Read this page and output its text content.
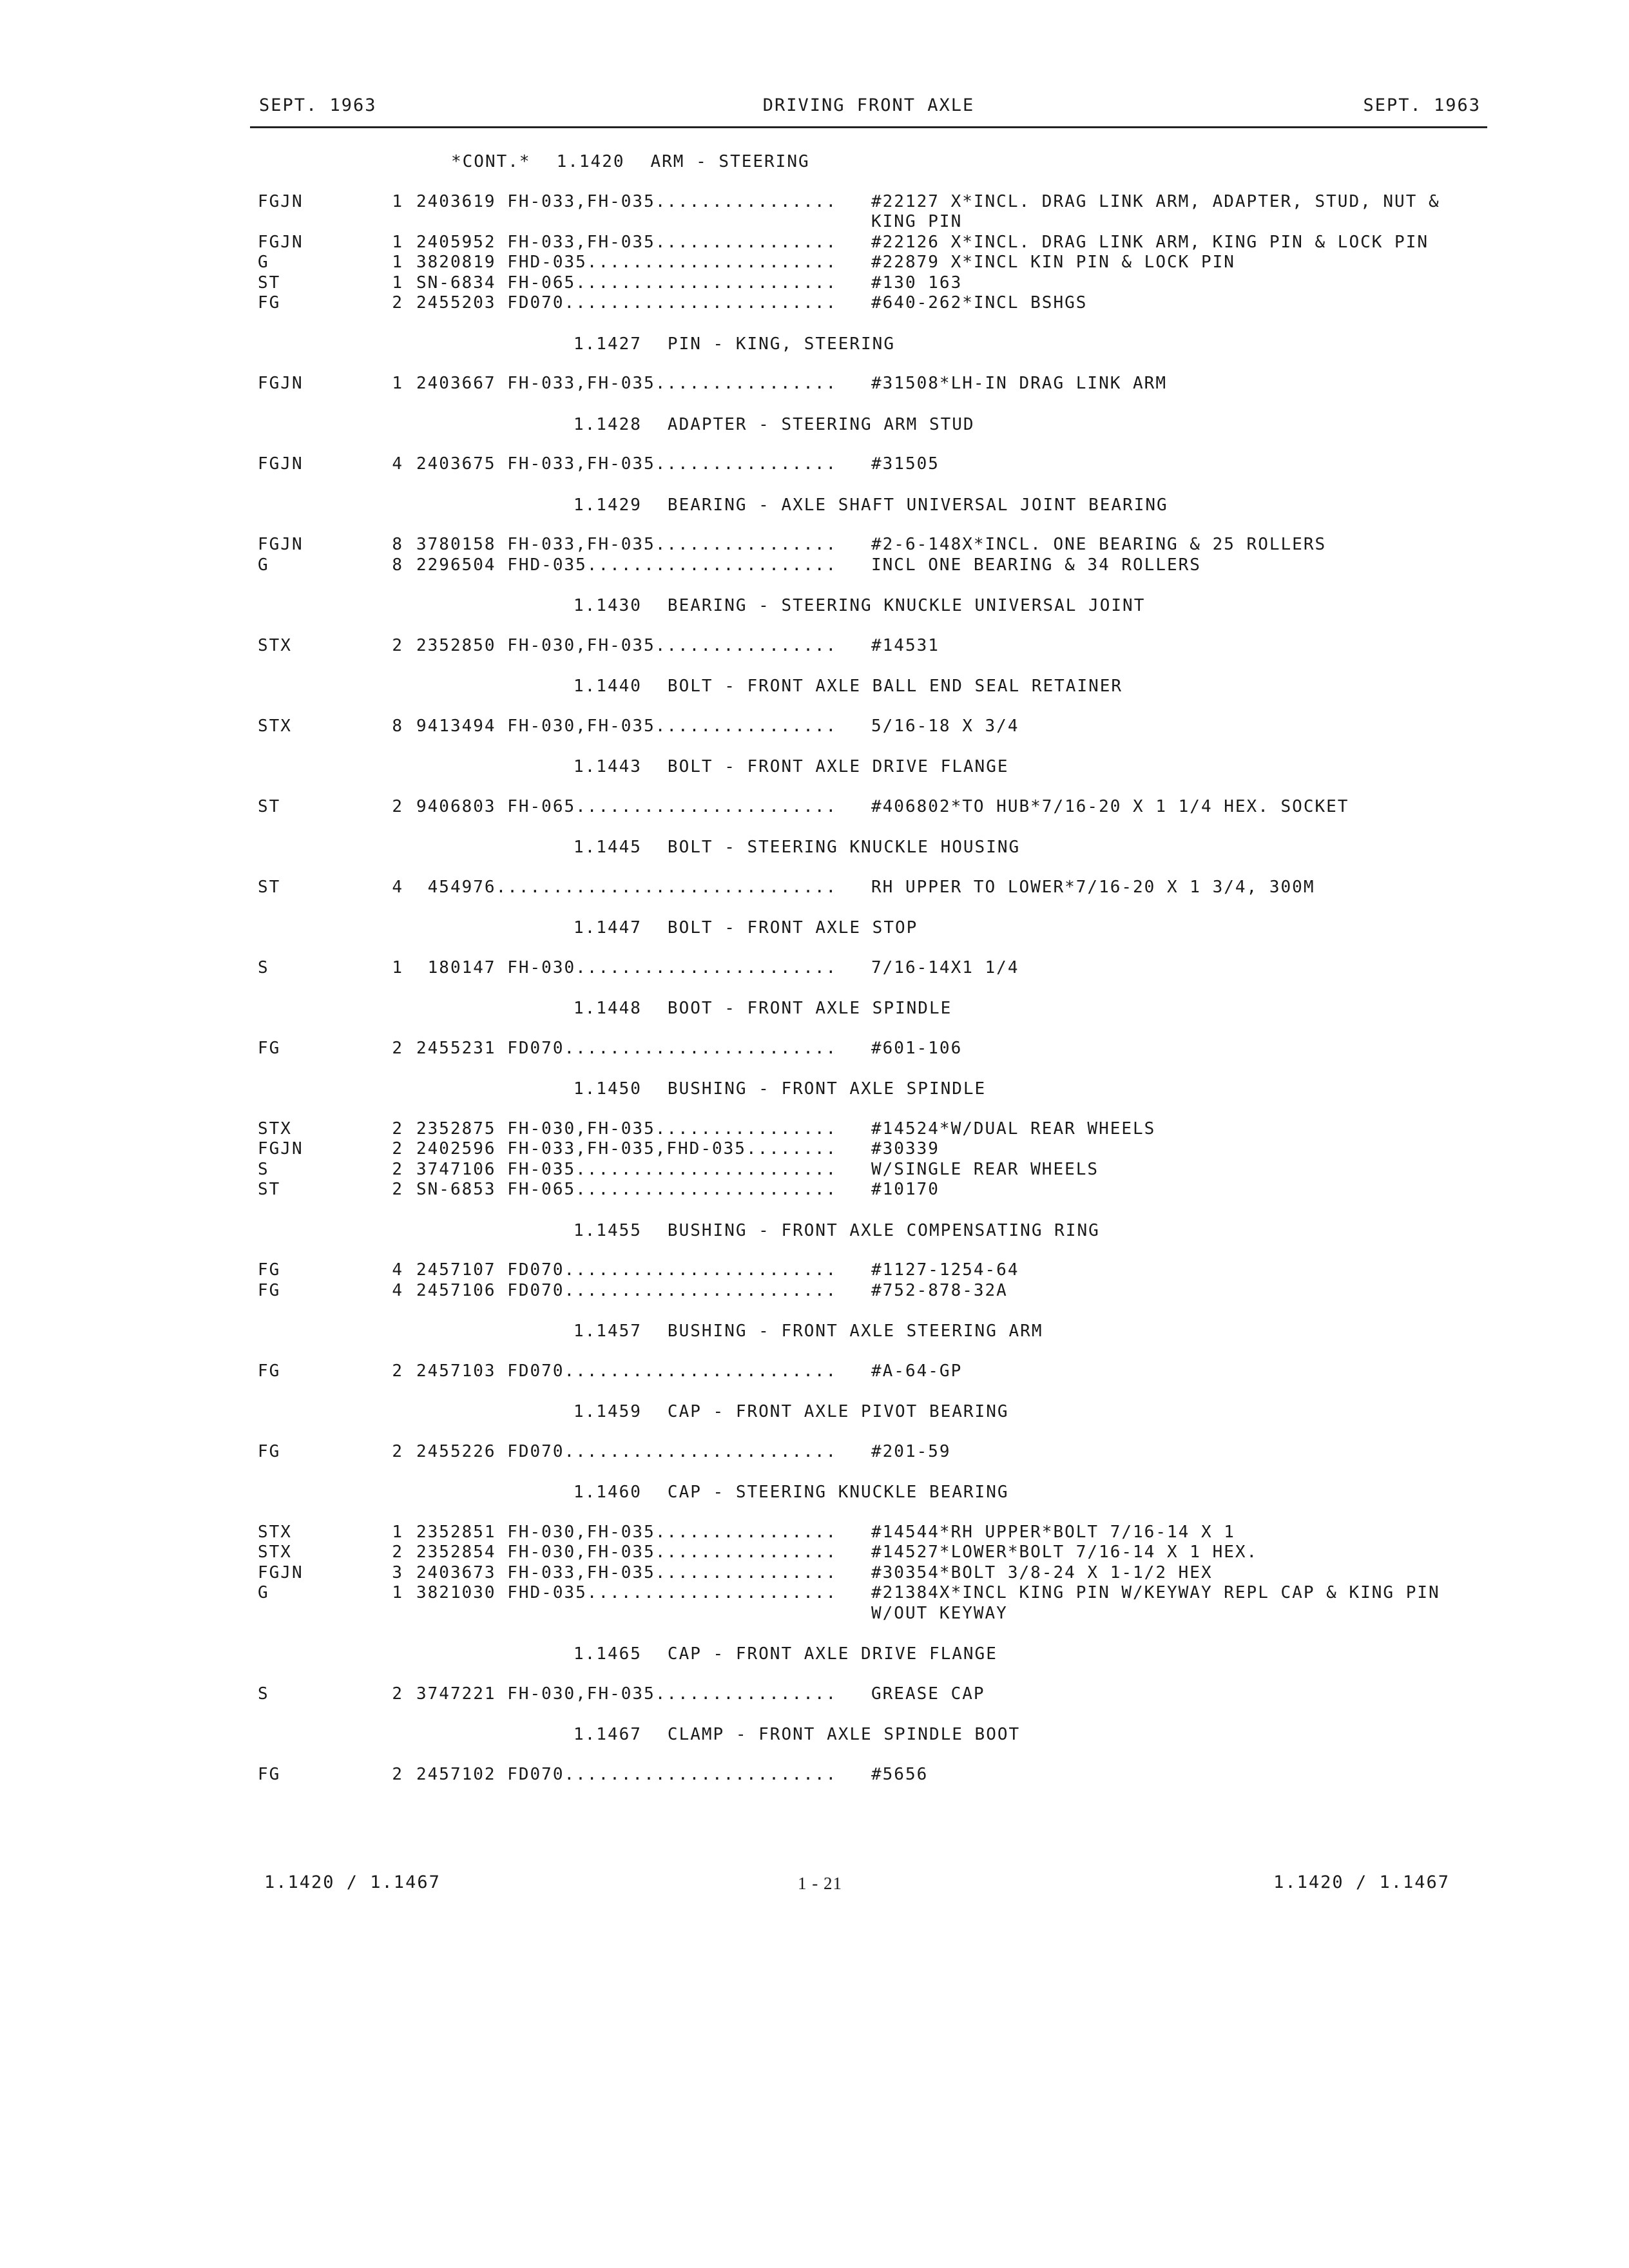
SEPT. 1963	DRIVING FRONT AXLE	SEPT. 1963
*CONT.* 1.1420 ARM - STEERING
FGJN	1 2403619 FH-033,FH-035................ #22127 X*INCL. DRAG LINK ARM, ADAPTER, STUD, NUT &
KING PIN
FGJN	1 2405952 FH-033,FH-035................ #22126 X*INCL. DRAG LINK ARM, KING PIN & LOCK PIN
G	1 3820819 FHD-035...................... #22879 X*INCL KIN PIN & LOCK PIN
ST	1 SN-6834 FH-065....................... #130 163
FG	2 2455203 FD070........................ #640-262*INCL BSHGS
1.1427 PIN - KING, STEERING
FGJN	1 2403667 FH-033,FH-035................ #31508*LH-IN DRAG LINK ARM
1.1428 ADAPTER - STEERING ARM STUD
FGJN	4 2403675 FH-033,FH-035................ #31505
1.1429 BEARING - AXLE SHAFT UNIVERSAL JOINT BEARING
FGJN	8 3780158 FH-033,FH-035................ #2-6-148X*INCL. ONE BEARING & 25 ROLLERS
G	8 2296504 FHD-035...................... INCL ONE BEARING & 34 ROLLERS
1.1430 BEARING - STEERING KNUCKLE UNIVERSAL JOINT
STX	2 2352850 FH-030,FH-035................ #14531
1.1440 BOLT - FRONT AXLE BALL END SEAL RETAINER
STX	8 9413494 FH-030,FH-035................ 5/16-18 X 3/4
1.1443 BOLT - FRONT AXLE DRIVE FLANGE
ST	2 9406803 FH-065....................... #406802*TO HUB*7/16-20 X 1 1/4 HEX. SOCKET
1.1445 BOLT - STEERING KNUCKLE HOUSING
ST	4 454976.............................. RH UPPER TO LOWER*7/16-20 X 1 3/4, 300M
1.1447 BOLT - FRONT AXLE STOP
S	1 180147 FH-030....................... 7/16-14X1 1/4
1.1448 BOOT - FRONT AXLE SPINDLE
FG	2 2455231 FD070........................ #601-106
1.1450 BUSHING - FRONT AXLE SPINDLE
STX	2 2352875 FH-030,FH-035................ #14524*W/DUAL REAR WHEELS
FGJN	2 2402596 FH-033,FH-035,FHD-035........ #30339
S	2 3747106 FH-035....................... W/SINGLE REAR WHEELS
ST	2 SN-6853 FH-065....................... #10170
1.1455 BUSHING - FRONT AXLE COMPENSATING RING
FG	4 2457107 FD070........................ #1127-1254-64
FG	4 2457106 FD070........................ #752-878-32A
1.1457 BUSHING - FRONT AXLE STEERING ARM
FG	2 2457103 FD070........................ #A-64-GP
1.1459 CAP - FRONT AXLE PIVOT BEARING
FG	2 2455226 FD070........................ #201-59
1.1460 CAP - STEERING KNUCKLE BEARING
STX	1 2352851 FH-030,FH-035................ #14544*RH UPPER*BOLT 7/16-14 X 1
STX	2 2352854 FH-030,FH-035................ #14527*LOWER*BOLT 7/16-14 X 1 HEX.
FGJN	3 2403673 FH-033,FH-035................ #30354*BOLT 3/8-24 X 1-1/2 HEX
G	1 3821030 FHD-035...................... #21384X*INCL KING PIN W/KEYWAY REPL CAP & KING PIN
W/OUT KEYWAY
1.1465 CAP - FRONT AXLE DRIVE FLANGE
S	2 3747221 FH-030,FH-035................ GREASE CAP
1.1467 CLAMP - FRONT AXLE SPINDLE BOOT
FG	2 2457102 FD070........................ #5656
1.1420 / 1.1467	1 - 21	1.1420 / 1.1467
